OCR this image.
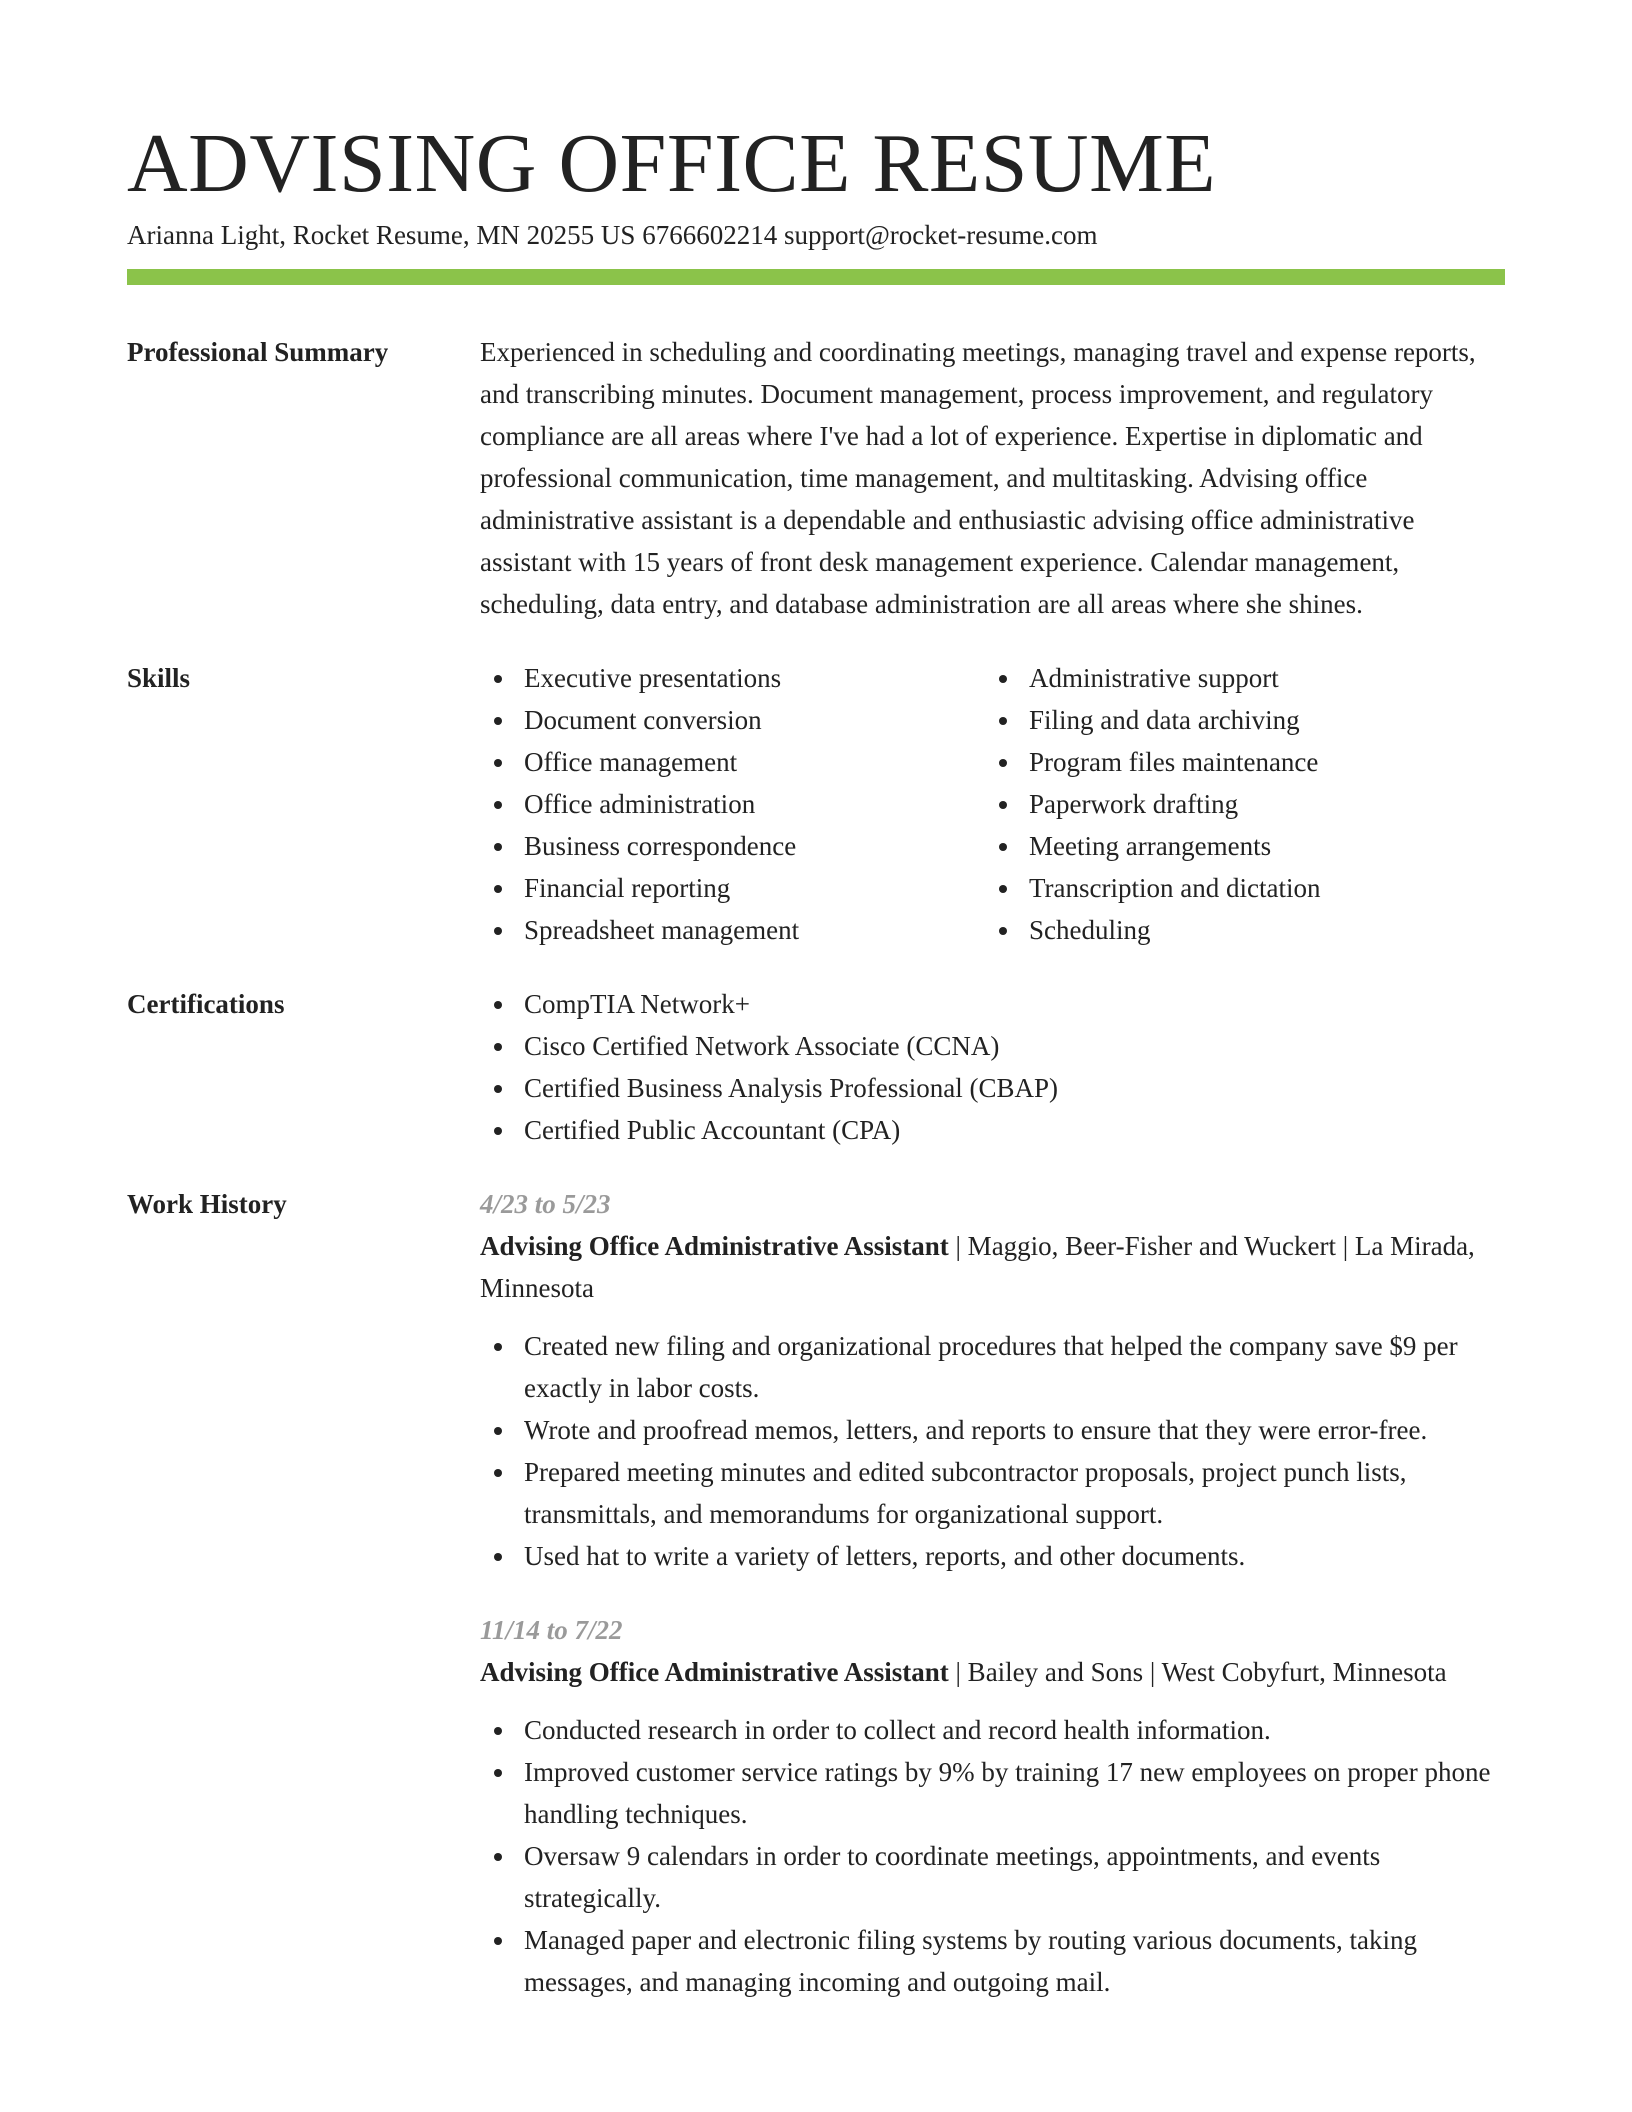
ADVISING OFFICE RESUME
Arianna Light, Rocket Resume, MN 20255 US 6766602214 support@rocket-resume.com
Professional Summary	Experienced in scheduling and coordinating meetings, managing travel and expense reports, and transcribing minutes. Document management, process improvement, and regulatory compliance are all areas where I've had a lot of experience. Expertise in diplomatic and professional communication, time management, and multitasking. Advising office administrative assistant is a dependable and enthusiastic advising office administrative assistant with 15 years of front desk management experience. Calendar management, scheduling, data entry, and database administration are all areas where she shines.

Skills	Executive presentations
Document conversion
Office management
Office administration
Business correspondence
Financial reporting
Spreadsheet management
Administrative support
Filing and data archiving
Program files maintenance
Paperwork drafting
Meeting arrangements
Transcription and dictation
Scheduling
Certifications	CompTIA Network+
Cisco Certified Network Associate (CCNA)
Certified Business Analysis Professional (CBAP)
Certified Public Accountant (CPA)
Work History	4/23 to 5/23
Advising Office Administrative Assistant | Maggio, Beer-Fisher and Wuckert | La Mirada, Minnesota
Created new filing and organizational procedures that helped the company save $9 per exactly in labor costs.
Wrote and proofread memos, letters, and reports to ensure that they were error-free.
Prepared meeting minutes and edited subcontractor proposals, project punch lists, transmittals, and memorandums for organizational support.
Used hat to write a variety of letters, reports, and other documents.
11/14 to 7/22
Advising Office Administrative Assistant | Bailey and Sons | West Cobyfurt, Minnesota
Conducted research in order to collect and record health information.
Improved customer service ratings by 9% by training 17 new employees on proper phone handling techniques.
Oversaw 9 calendars in order to coordinate meetings, appointments, and events strategically.
Managed paper and electronic filing systems by routing various documents, taking messages, and managing incoming and outgoing mail.
